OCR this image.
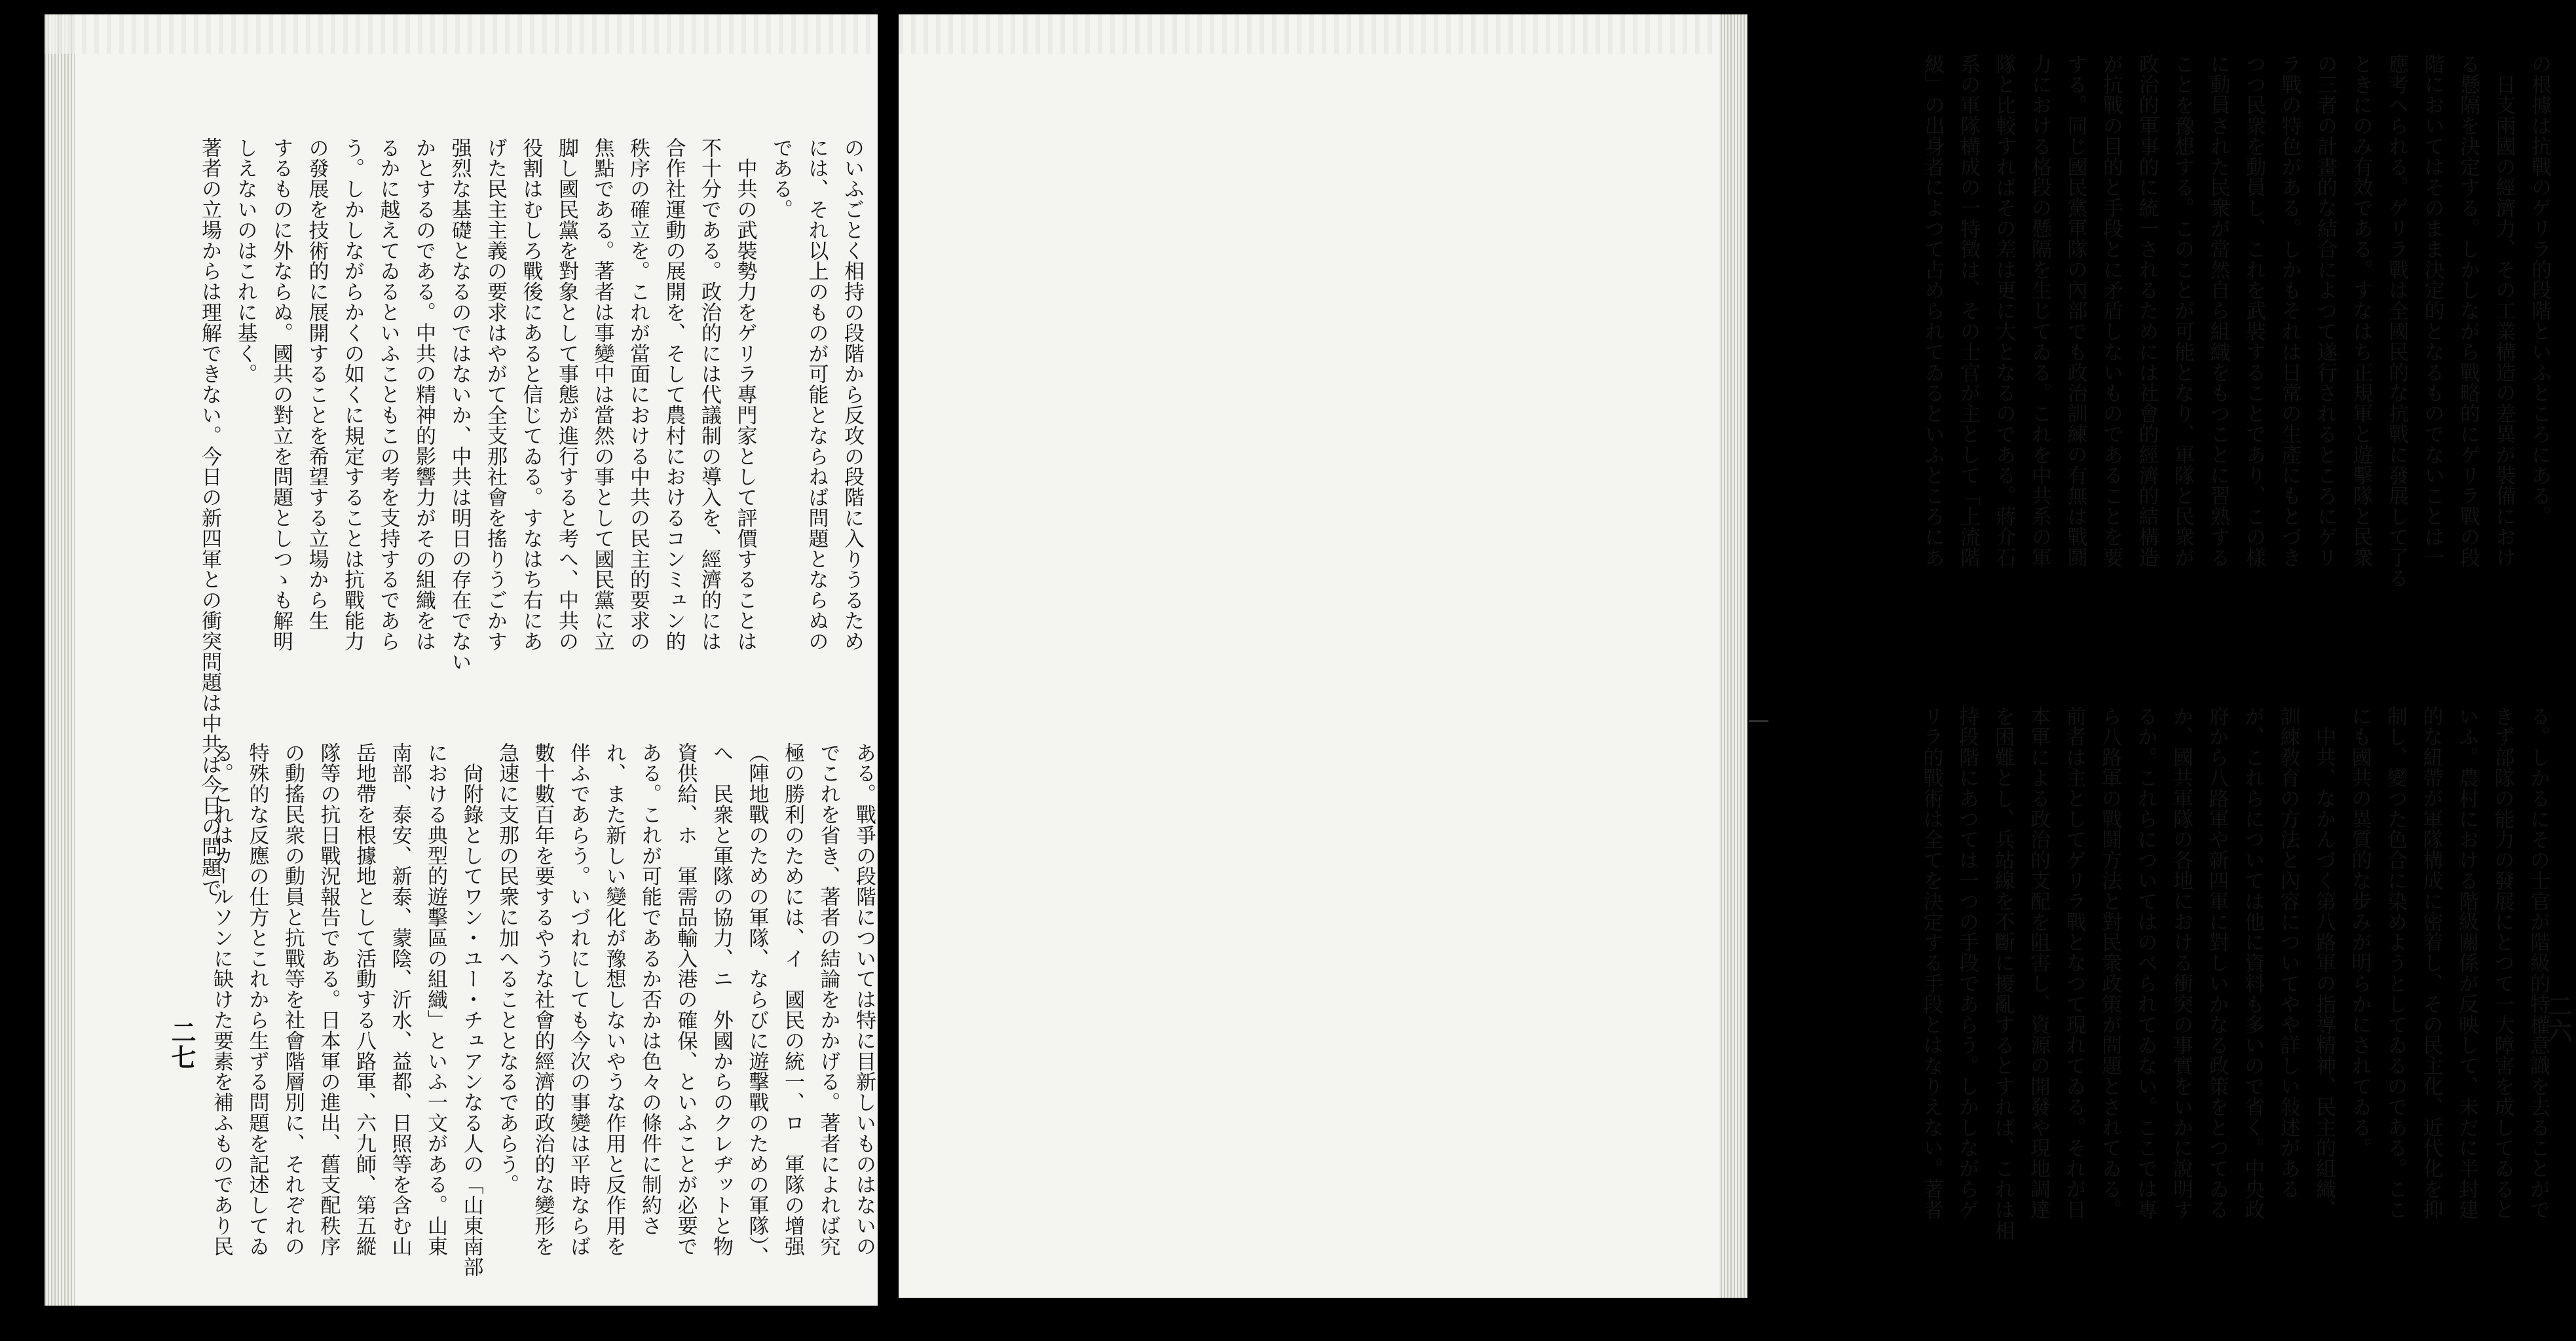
のいふごとく相持の段階から反攻の段階に入りうるため

には、それ以上のものが可能とならねば問題とならぬの

である。

　中共の武裝勢力をゲリラ專門家として評價することは

不十分である。政治的には代議制の導入を、經濟的には

合作社運動の展開を、そして農村におけるコンミュン的

秩序の確立を。これが當面における中共の民主的要求の

焦點である。著者は事變中は當然の事として國民黨に立

脚し國民黨を對象として事態が進行すると考へ、中共の

役割はむしろ戰後にあると信じてゐる。すなはち右にあ

げた民主主義の要求はやがて全支那社會を搖りうごかす

强烈な基礎となるのではないか、中共は明日の存在でない

かとするのである。中共の精神的影響力がその組織をは

るかに越えてゐるといふこともこの考を支持するであら

う。しかしながらかくの如くに規定することは抗戰能力

の發展を技術的に展開することを希望する立場から生

するものに外ならぬ。國共の對立を問題としつゝも解明

しえないのはこれに基く。

著者の立場からは理解できない。今日の新四軍との衝突問題は中共は今日の問題で

ある。戰爭の段階については特に目新しいものはないの

でこれを省き、著者の結論をかかげる。著者によれば究

極の勝利のためには、イ　國民の統一、ロ　軍隊の增强

（陣地戰のための軍隊、ならびに遊擊戰のための軍隊）、

へ　民衆と軍隊の協力、ニ　外國からのクレヂットと物

資供給、ホ　軍需品輸入港の確保、といふことが必要で

ある。これが可能であるか否かは色々の條件に制約さ

れ、また新しい變化が豫想しないやうな作用と反作用を

伴ふであらう。いづれにしても今次の事變は平時ならば

數十數百年を要するやうな社會的經濟的政治的な變形を

急速に支那の民衆に加へることとなるであらう。

　尙附錄としてワン・ユー・チュアンなる人の「山東南部

における典型的遊擊區の組織」といふ一文がある。山東

南部、泰安、新泰、蒙陰、沂水、益都、日照等を含む山

岳地帶を根據地として活動する八路軍、六九師、第五縱

隊等の抗日戰況報告である。日本軍の進出、舊支配秩序

の動搖民衆の動員と抗戰等を社會階層別に、それぞれの

特殊的な反應の仕方とこれから生ずる問題を記述してゐ

る。これはカールソンに缺けた要素を補ふものであり民

二七

の根據は抗戰のゲリラ的段階といふところにある。

　日支兩國の經濟力、その工業構造の差異が裝備におけ

る懸隔を決定する。しかしながら戰略的にゲリラ戰の段

階においてはそのまま決定的となるものでないことは一

應考へられる。ゲリラ戰は全國民的な抗戰に發展して了る

ときにのみ有效である。すなはち正規軍と遊擊隊と民衆

の三者の計畫的な結合によつて遂行されるところにゲリ

ラ戰の特色がある。しかもそれは日常の生產にもとづき

つつ民衆を動員し、これを武裝することであり、この樣

に動員された民衆が當然自ら組織をもつことに習熟する

ことを豫想する。このことが可能となり、軍隊と民衆が

政治的軍事的に統一されるためには社會的經濟的結構造

が抗戰の目的と手段とに矛盾しないものであることを要

する。同じ國民黨軍隊の內部でも政治訓練の有無は戰鬪

力における格段の懸隔を生じてゐる。これを中共系の軍

隊と比較すればその差は更に大となるのである。蔣介石

系の軍隊構成の一特徵は、その士官が主として「上流階

級」の出身者によつて占められてゐるといふところにあ

る。しかるにその士官が階級的特權意識を去ることがで

きず部隊の能力の發展にとつて一大障害を成してゐると

いふ。農村における階級關係が反映して、未だに半封建

的な紐帶が軍隊構成に密着し、その民主化、近代化を抑

制し、變つた色合に染めようとしてゐるのである。ここ

にも國共の異質的な步みが明らかにされてゐる。

　中共、なかんづく第八路軍の指導精神、民主的組織、

訓練敎育の方法と內容についてやや詳しい敍述がある

が、これらについては他に資料も多いので省く。中央政

府から八路軍や新四軍に對しいかなる政策をとつてゐる

か、國共軍隊の各地における衝突の事實をいかに說明す

るか。これらについてはのべられてゐない。ここでは專

ら八路軍の戰鬪方法と對民衆政策が問題とされてゐる。

前者は主としてゲリラ戰となつて現れてゐる。それが日

本軍による政治的支配を阻害し、資源の開發や現地調達

を困難とし、兵站線を不斷に擾亂するとすれば、これは相

持段階にあつては一つの手段であらう。しかしながらゲ

リラ的戰術は全てを決定する手段とはなりえない。著者	二六
